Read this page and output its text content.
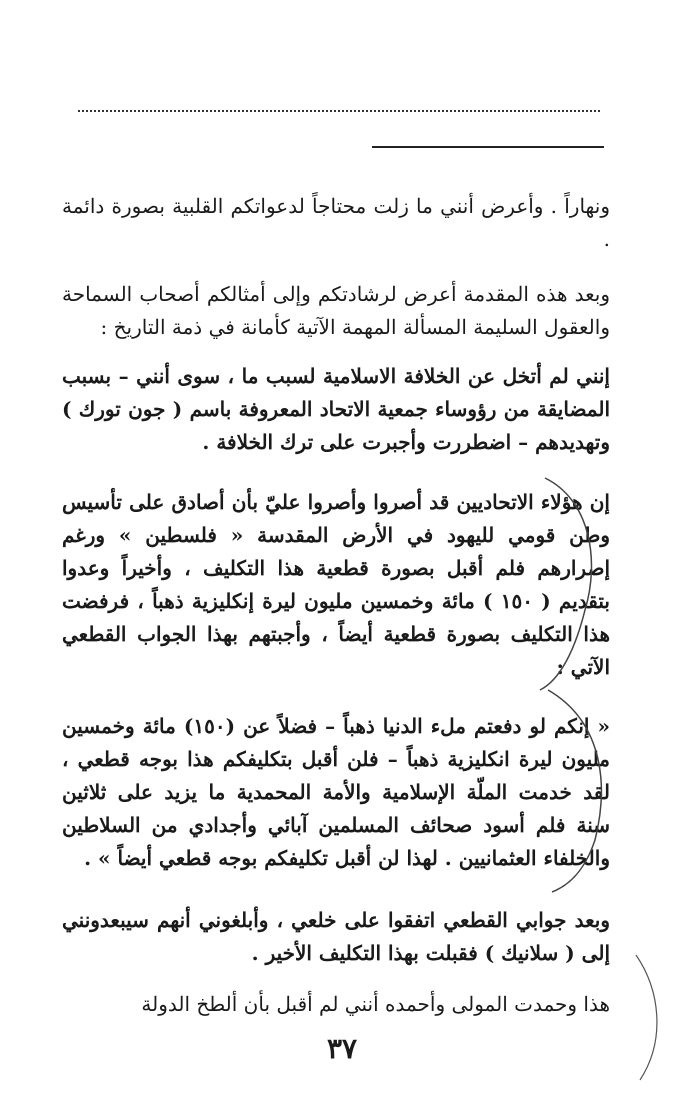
ونهاراً . وأعرض أنني ما زلت محتاجاً لدعواتكم القلبية بصورة دائمة .

وبعد هذه المقدمة أعرض لرشادتكم وإلى أمثالكم أصحاب السماحة والعقول السليمة المسألة المهمة الآتية كأمانة في ذمة التاريخ :

إنني لم أتخل عن الخلافة الاسلامية لسبب ما ، سوى أنني – بسبب المضايقة من رؤوساء جمعية الاتحاد المعروفة باسم ( جون تورك ) وتهديدهم – اضطررت وأجبرت على ترك الخلافة .

إن هؤلاء الاتحاديين قد أصروا وأصروا عليّ بأن أصادق على تأسيس وطن قومي لليهود في الأرض المقدسة « فلسطين » ورغم إصرارهم فلم أقبل بصورة قطعية هذا التكليف ، وأخيراً وعدوا بتقديم ( ١٥٠ ) مائة وخمسين مليون ليرة إنكليزية ذهباً ، فرفضت هذا التكليف بصورة قطعية أيضاً ، وأجبتهم بهذا الجواب القطعي الآتي :

« إنكم لو دفعتم ملء الدنيا ذهباً – فضلاً عن (١٥٠) مائة وخمسين مليون ليرة انكليزية ذهباً – فلن أقبل بتكليفكم هذا بوجه قطعي ، لقد خدمت الملّة الإسلامية والأمة المحمدية ما يزيد على ثلاثين سنة فلم أسود صحائف المسلمين آبائي وأجدادي من السلاطين والخلفاء العثمانيين . لهذا لن أقبل تكليفكم بوجه قطعي أيضاً » .

وبعد جوابي القطعي اتفقوا على خلعي ، وأبلغوني أنهم سيبعدونني إلى ( سلانيك ) فقبلت بهذا التكليف الأخير .

هذا وحمدت المولى وأحمده أنني لم أقبل بأن ألطخ الدولة

٣٧
